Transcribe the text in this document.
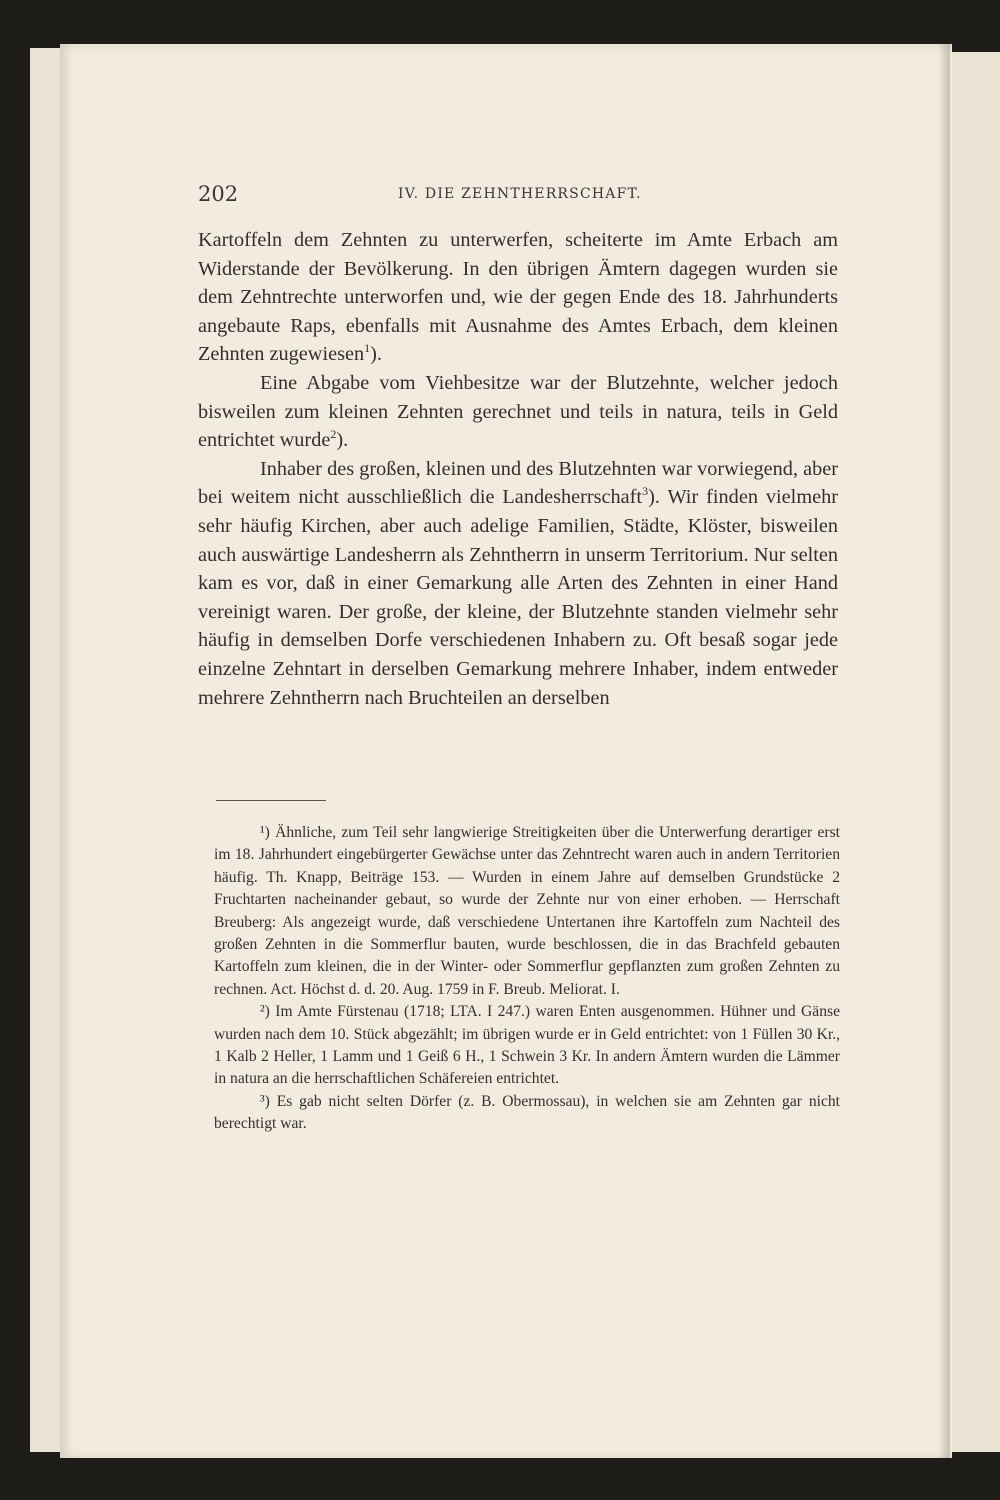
202	IV. DIE ZEHNTHERRSCHAFT.

Kartoffeln dem Zehnten zu unterwerfen, scheiterte im Amte Erbach am Widerstande der Bevölkerung. In den übrigen Ämtern dagegen wurden sie dem Zehntrechte unterworfen und, wie der gegen Ende des 18. Jahrhunderts angebaute Raps, ebenfalls mit Ausnahme des Amtes Erbach, dem kleinen Zehnten zugewiesen$^1$).

Eine Abgabe vom Viehbesitze war der Blutzehnte, welcher jedoch bisweilen zum kleinen Zehnten gerechnet und teils in natura, teils in Geld entrichtet wurde$^2$).

Inhaber des großen, kleinen und des Blutzehnten war vorwiegend, aber bei weitem nicht ausschließlich die Landesherrschaft$^3$). Wir finden vielmehr sehr häufig Kirchen, aber auch adelige Familien, Städte, Klöster, bisweilen auch auswärtige Landesherrn als Zehntherrn in unserm Territorium. Nur selten kam es vor, daß in einer Gemarkung alle Arten des Zehnten in einer Hand vereinigt waren. Der große, der kleine, der Blutzehnte standen vielmehr sehr häufig in demselben Dorfe verschiedenen Inhabern zu. Oft besaß sogar jede einzelne Zehntart in derselben Gemarkung mehrere Inhaber, indem entweder mehrere Zehntherrn nach Bruchteilen an derselben

¹) Ähnliche, zum Teil sehr langwierige Streitigkeiten über die Unterwerfung derartiger erst im 18. Jahrhundert eingebürgerter Gewächse unter das Zehntrecht waren auch in andern Territorien häufig. Th. Knapp, Beiträge 153. — Wurden in einem Jahre auf demselben Grundstücke 2 Fruchtarten nacheinander gebaut, so wurde der Zehnte nur von einer erhoben. — Herrschaft Breuberg: Als angezeigt wurde, daß verschiedene Untertanen ihre Kartoffeln zum Nachteil des großen Zehnten in die Sommerflur bauten, wurde beschlossen, die in das Brachfeld gebauten Kartoffeln zum kleinen, die in der Winter- oder Sommerflur gepflanzten zum großen Zehnten zu rechnen. Act. Höchst d. d. 20. Aug. 1759 in F. Breub. Meliorat. I.

²) Im Amte Fürstenau (1718; LTA. I 247.) waren Enten ausgenommen. Hühner und Gänse wurden nach dem 10. Stück abgezählt; im übrigen wurde er in Geld entrichtet: von 1 Füllen 30 Kr., 1 Kalb 2 Heller, 1 Lamm und 1 Geiß 6 H., 1 Schwein 3 Kr. In andern Ämtern wurden die Lämmer in natura an die herrschaftlichen Schäfereien entrichtet.

³) Es gab nicht selten Dörfer (z. B. Obermossau), in welchen sie am Zehnten gar nicht berechtigt war.
